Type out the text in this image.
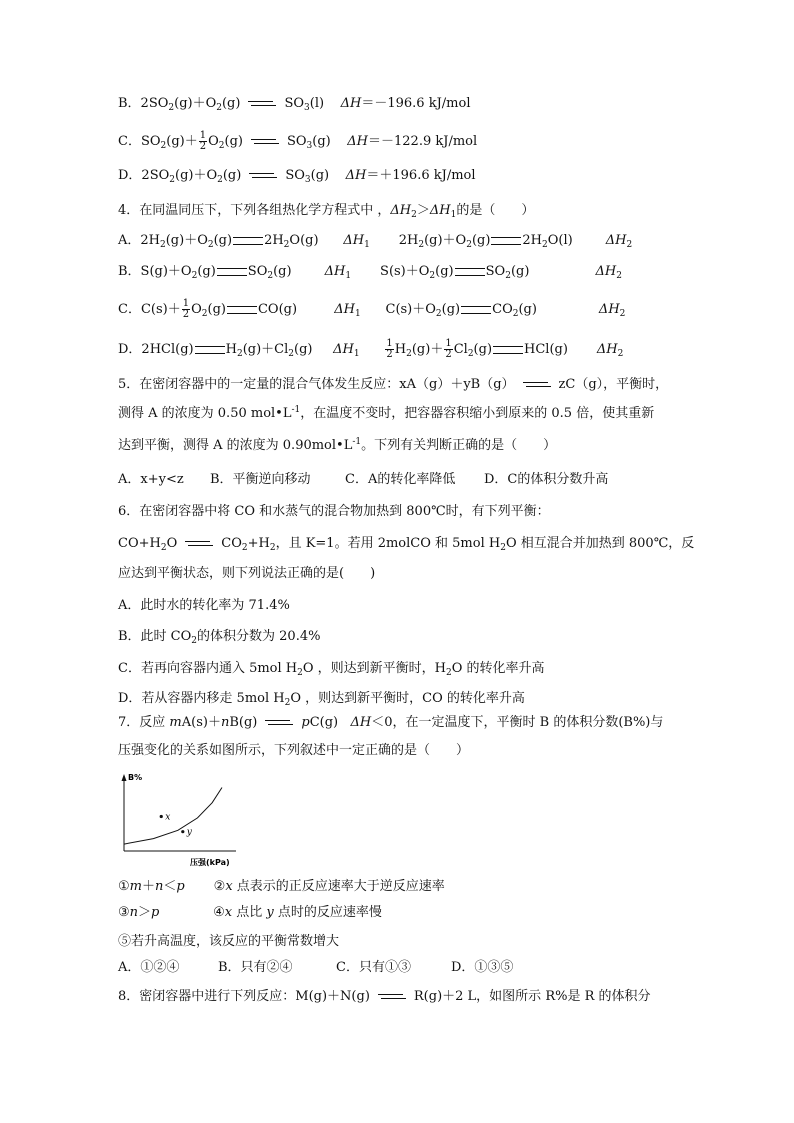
B．$2SO_2(g)+O_2(g)$	$SO_3(l)$    ΔH＝－196.6 kJ/mol
C．$SO_2(g)+ \frac{1}{2} O_2(g)$	$SO_3(g)$    ΔH＝－122.9 kJ/mol
D．$2SO_2(g)+O_2(g)$	$SO_3(g)$    ΔH＝＋196.6 kJ/mol
4．在同温同压下，下列各组热化学方程式中 ，$\Delta H_2>\Delta H_1$的是（　　）
A．$2H_2(g)+O_2(g)$ $2H_2O(g)$      $\Delta H_1$       $2H_2(g)+O_2(g)$ $2H_2O(l)$        $\Delta H_2$
B．$S(g)+O_2(g)$ $SO_2(g)$        $\Delta H_1$       $S(s)+O_2(g)$ $SO_2(g)$                $\Delta H_2$
C．$C(s)+ \frac{1}{2} O_2(g)$ CO(g)         $\Delta H_1$      $C(s)+O_2(g)$ $CO_2(g)$               $\Delta H_2$
D．2HCl(g) $H_2(g)+Cl_2(g)$     $\Delta H_1$	$\frac{1}{2} H_2(g)+ \frac{1}{2} Cl_2(g)$ HCl(g)       $\Delta H_2$
5．在密闭容器中的一定量的混合气体发生反应：xA（g）＋yB（g）	zC（g），平衡时，
测得 A 的浓度为 0.50 $mol•L^{-1}$，在温度不变时，把容器容积缩小到原来的 0.5 倍，使其重新
达到平衡，测得 A 的浓度为 $0.90mol•L^{-1}$。下列有关判断正确的是（　　）
A．x+y<z B．平衡逆向移动	C．A的转化率降低 D．C的体积分数升高
6．在密闭容器中将 CO 和水蒸气的混合物加热到 800℃时，有下列平衡：
$CO+H_2O$	$CO_2+H_2$，且 K=1。若用 2molCO 和 5mol $H_2O$ 相互混合并加热到 800℃，反
应达到平衡状态，则下列说法正确的是(　　)
A．此时水的转化率为 71.4%
B．此时 $CO_2$的体积分数为 20.4%
C．若再向容器内通入 5mol $H_2O$ ，则达到新平衡时，$H_2O$ 的转化率升高
D．若从容器内移走 5mol $H_2O$ ，则达到新平衡时，CO 的转化率升高
7．反应 mA(s)＋nB(g)	pC(g)   ΔH＜0，在一定温度下，平衡时 B 的体积分数(B%)与
压强变化的关系如图所示，下列叙述中一定正确的是（　　）
B%
压强(kPa)
x
y
①m＋n＜p       ②x 点表示的正反应速率大于逆反应速率
③n＞p             ④x 点比 y 点时的反应速率慢
⑤若升高温度，该反应的平衡常数增大
A．①②④	B．只有②④	C．只有①③	D．①③⑤
8．密闭容器中进行下列反应：M(g)＋N(g)	R(g)＋2 L，如图所示 R%是 R 的体积分
